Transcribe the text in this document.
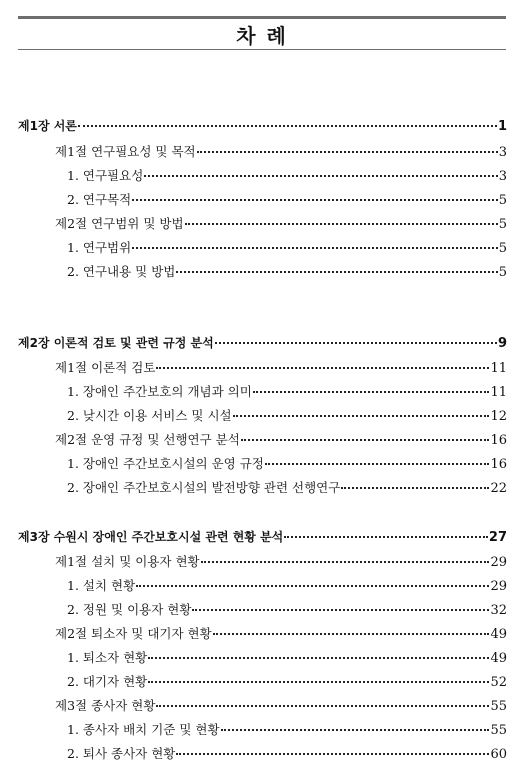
차 례
제1장 서론	1
제1절 연구필요성 및 목적	3
1. 연구필요성	3
2. 연구목적	5
제2절 연구범위 및 방법	5
1. 연구범위	5
2. 연구내용 및 방법	5
제2장 이론적 검토 및 관련 규정 분석	9
제1절 이론적 검토	11
1. 장애인 주간보호의 개념과 의미	11
2. 낮시간 이용 서비스 및 시설	12
제2절 운영 규정 및 선행연구 분석	16
1. 장애인 주간보호시설의 운영 규정	16
2. 장애인 주간보호시설의 발전방향 관련 선행연구	22
제3장 수원시 장애인 주간보호시설 관련 현황 분석	27
제1절 설치 및 이용자 현황	29
1. 설치 현황	29
2. 정원 및 이용자 현황	32
제2절 퇴소자 및 대기자 현황	49
1. 퇴소자 현황	49
2. 대기자 현황	52
제3절 종사자 현황	55
1. 종사자 배치 기준 및 현황	55
2. 퇴사 종사자 현황	60
